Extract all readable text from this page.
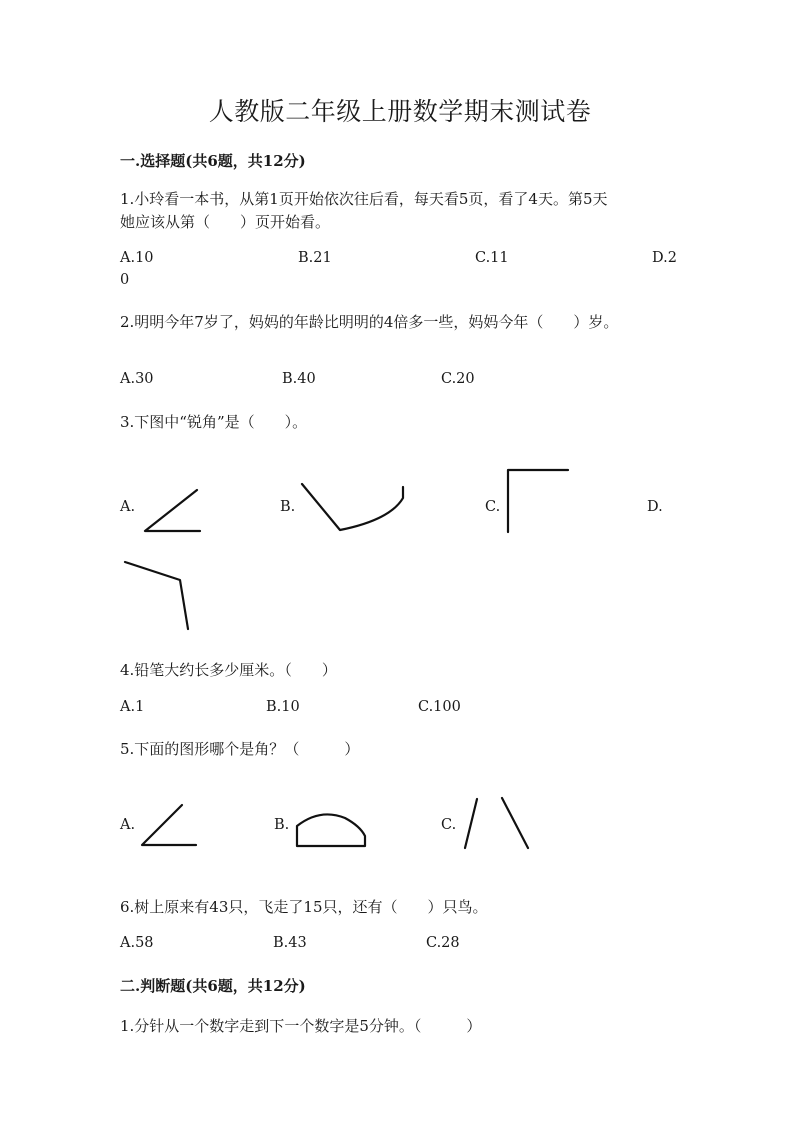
人教版二年级上册数学期末测试卷
一.选择题(共6题，共12分)
1.小玲看一本书，从第1页开始依次往后看，每天看5页，看了4天。第5天
她应该从第（　　）页开始看。
A.10	B.21	C.11	D.2
0
2.明明今年7岁了，妈妈的年龄比明明的4倍多一些，妈妈今年（　　）岁。
A.30	B.40	C.20
3.下图中“锐角”是（　　）。
A.	B.	C.	D.
4.铅笔大约长多少厘米。（　　）
A.1	B.10	C.100
5.下面的图形哪个是角？（　　　）
A.	B.	C.
6.树上原来有43只，飞走了15只，还有（　　）只鸟。
A.58	B.43	C.28
二.判断题(共6题，共12分)
1.分针从一个数字走到下一个数字是5分钟。（　　　）
